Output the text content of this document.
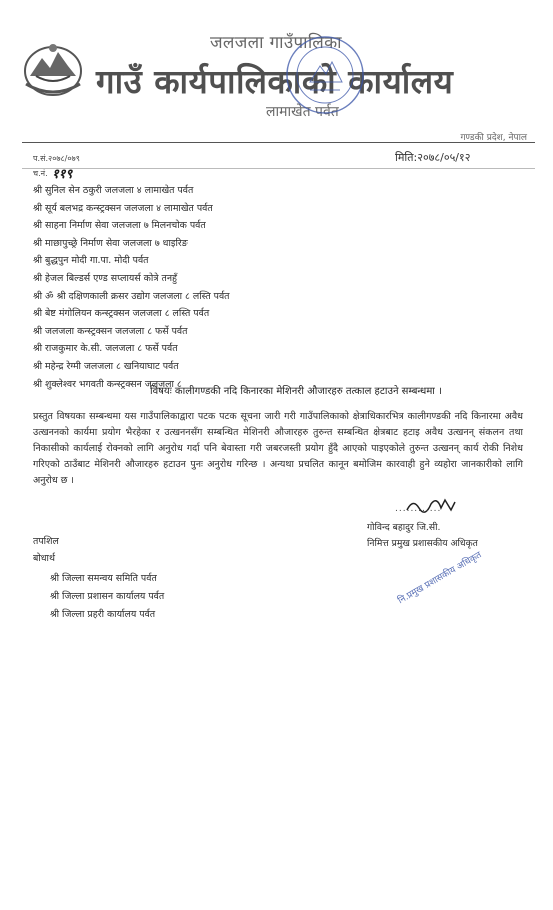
जलजला गाउँपालिका
गाउँ कार्यपालिकाको कार्यालय
लामाखेत पर्वत
गण्डकी प्रदेश, नेपाल
प.सं.२०७८/०७९	मिति:२०७८/०५/१२
च.नं. ११९
श्री सुनिल सेन ठकुरी जलजला ४ लामाखेत पर्वत
श्री सूर्य बलभद्र कन्स्ट्रक्सन जलजला ४ लामाखेत पर्वत
श्री साहना निर्माण सेवा जलजला ७ मिलनचोक पर्वत
श्री माछापुच्छ्रे निर्माण सेवा जलजला ७ धाइरिङ
श्री बुद्धपुन मोदी गा.पा. मोदी पर्वत
श्री हेजल बिल्डर्स एण्ड सप्लायर्स कोत्रे तनहुँ
श्री ॐ श्री दक्षिणकाली क्रसर उद्योग जलजला ८ लस्ति पर्वत
श्री बेष्ट मंगोलियन कन्स्ट्रक्सन जलजला ८ लस्ति पर्वत
श्री जलजला कन्स्ट्रक्सन जलजला ८ फर्से पर्वत
श्री राजकुमार के.सी. जलजला ८ फर्से पर्वत
श्री महेन्द्र रेग्मी जलजला ८ खनियाघाट पर्वत
श्री शुक्लेश्वर भगवती कन्स्ट्रक्सन जलजला ८
विषयः कालीगण्डकी नदि किनारका मेशिनरी औजारहरु तत्काल हटाउने सम्बन्धमा ।

प्रस्तुत विषयका सम्बन्धमा यस गाउँपालिकाद्वारा पटक पटक सूचना जारी गरी गाउँपालिकाको क्षेत्राधिकारभित्र कालीगण्डकी नदि किनारमा अवैध उत्खननको कार्यमा प्रयोग भैरहेका र उत्खननसँग सम्बन्धित मेशिनरी औजारहरु तुरुन्त सम्बन्धित क्षेत्रबाट हटाइ अवैध उत्खनन् संकलन तथा निकासीको कार्यलाई रोक्नको लागि अनुरोध गर्दा पनि बेवास्ता गरी जबरजस्ती प्रयोग हुँदै आएको पाइएकोले तुरुन्त उत्खनन् कार्य रोकी निशेध गरिएको ठाउँबाट मेशिनरी औजारहरु हटाउन पुनः अनुरोध गरिन्छ । अन्यथा प्रचलित कानून बमोजिम कारवाही हुने व्यहोरा जानकारीको लागि अनुरोध छ ।

............
गोविन्द बहादुर जि.सी.
निमित्त प्रमुख प्रशासकीय अधिकृत
नि.प्रमुख प्रशासकीय अधिकृत
तपशिल
बोधार्थ
श्री जिल्ला समन्वय समिति पर्वत
श्री जिल्ला प्रशासन कार्यालय पर्वत
श्री जिल्ला प्रहरी कार्यालय पर्वत
